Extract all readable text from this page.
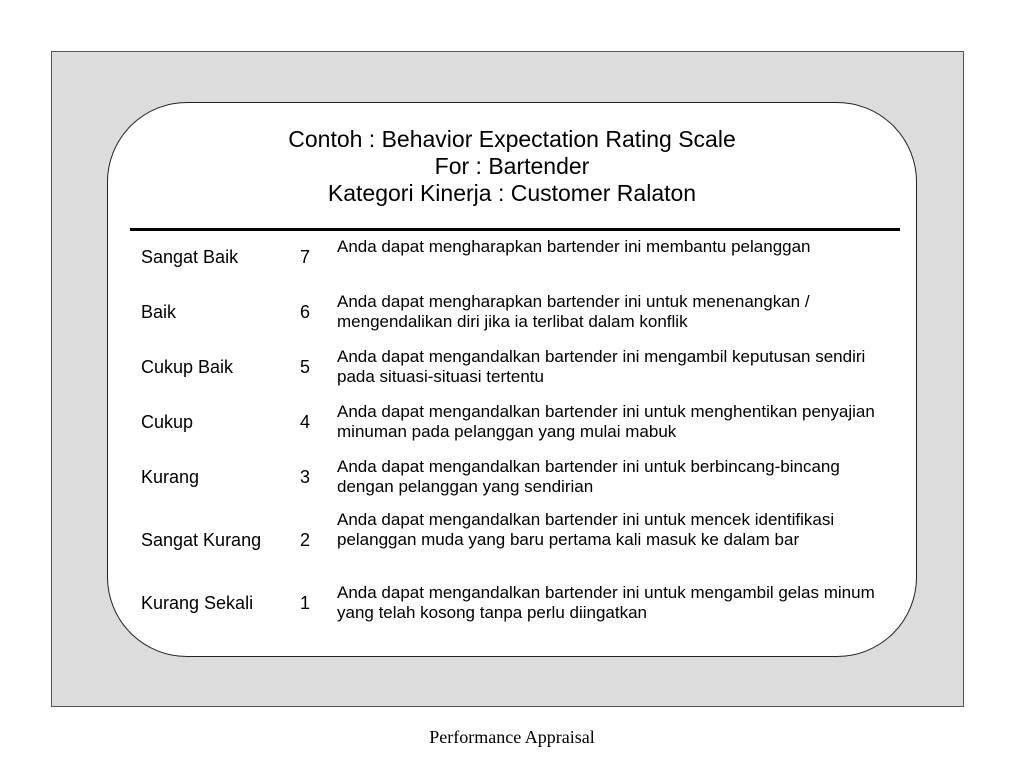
Contoh : Behavior Expectation Rating Scale
For : Bartender
Kategori Kinerja : Customer Ralaton
Sangat Baik	7
Anda dapat mengharapkan bartender ini membantu pelanggan
Baik	6
Anda dapat mengharapkan bartender ini untuk menenangkan / mengendalikan diri jika ia terlibat dalam konflik
Cukup Baik	5
Anda dapat mengandalkan bartender ini mengambil keputusan sendiri pada situasi-situasi tertentu
Cukup	4
Anda dapat mengandalkan bartender ini untuk menghentikan penyajian minuman pada pelanggan yang mulai mabuk
Kurang	3
Anda dapat mengandalkan bartender ini untuk berbincang-bincang dengan pelanggan yang sendirian
Sangat Kurang 2
Anda dapat mengandalkan bartender ini untuk mencek identifikasi pelanggan muda yang baru pertama kali masuk ke dalam bar
Kurang Sekali	1
Anda dapat mengandalkan bartender ini untuk mengambil gelas minum yang telah kosong tanpa perlu diingatkan
Performance Appraisal
